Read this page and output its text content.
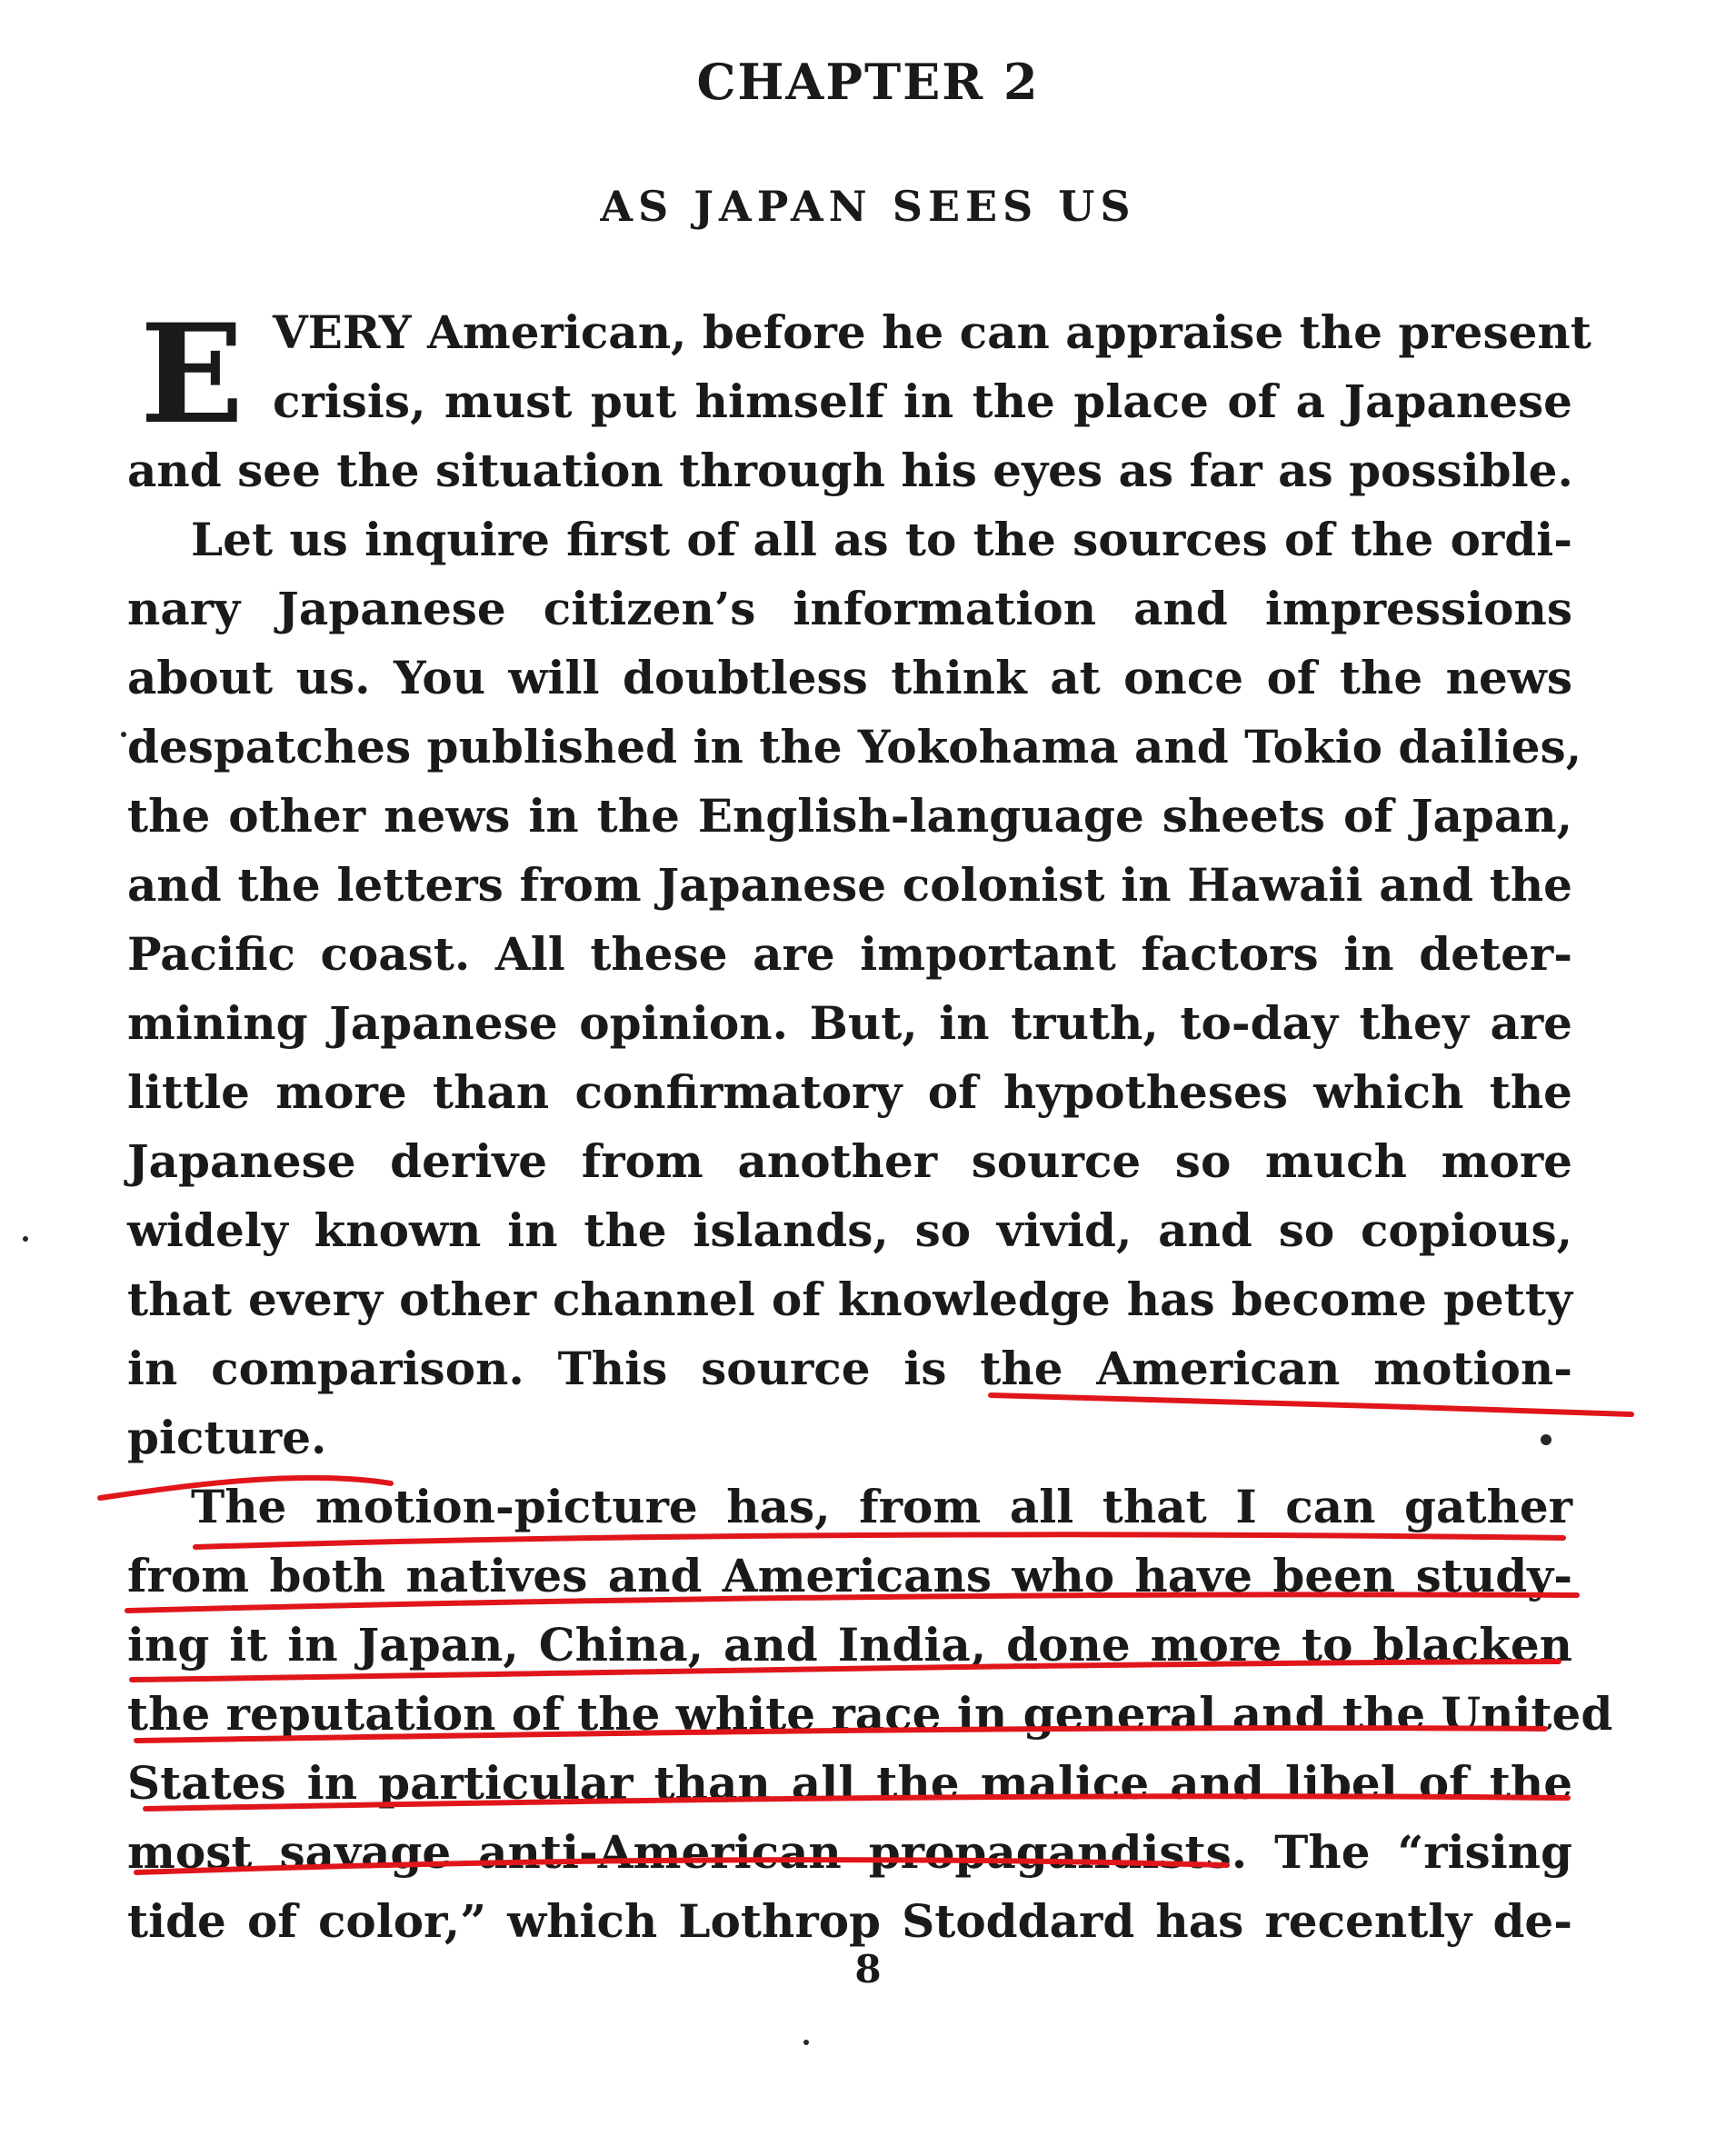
CHAPTER 2
AS JAPAN SEES US
E VERY American, before he can appraise the present
crisis, must put himself in the place of a Japanese
and see the situation through his eyes as far as possible.
Let us inquire first of all as to the sources of the ordi-
nary Japanese citizen’s information and impressions
about us. You will doubtless think at once of the news
despatches published in the Yokohama and Tokio dailies,
the other news in the English-language sheets of Japan,
and the letters from Japanese colonist in Hawaii and the
Pacific coast. All these are important factors in deter-
mining Japanese opinion. But, in truth, to-day they are
little more than confirmatory of hypotheses which the
Japanese derive from another source so much more
widely known in the islands, so vivid, and so copious,
that every other channel of knowledge has become petty
in comparison. This source is the American motion-
picture.
The motion-picture has, from all that I can gather
from both natives and Americans who have been study-
ing it in Japan, China, and India, done more to blacken
the reputation of the white race in general and the United
States in particular than all the malice and libel of the
most savage anti-American propagandists. The “rising
tide of color,” which Lothrop Stoddard has recently de-
8
